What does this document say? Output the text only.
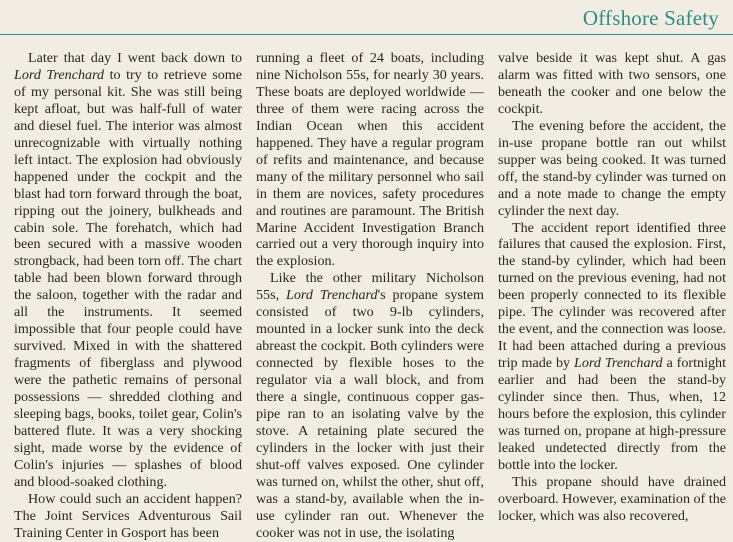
Offshore Safety

Later that day I went back down to Lord Trenchard to try to retrieve some of my personal kit. She was still being kept afloat, but was half-full of water and diesel fuel. The interior was almost unrecognizable with virtually nothing left intact. The explosion had obviously happened under the cockpit and the blast had torn forward through the boat, ripping out the joinery, bulkheads and cabin sole. The forehatch, which had been secured with a massive wooden strongback, had been torn off. The chart table had been blown forward through the saloon, together with the radar and all the instruments. It seemed impossible that four people could have survived. Mixed in with the shattered fragments of fiberglass and plywood were the pathetic remains of personal possessions — shredded clothing and sleeping bags, books, toilet gear, Colin's battered flute. It was a very shocking sight, made worse by the evidence of Colin's injuries — splashes of blood and blood-soaked clothing.

How could such an accident happen? The Joint Services Adventurous Sail Training Center in Gosport has been

running a fleet of 24 boats, including nine Nicholson 55s, for nearly 30 years. These boats are deployed worldwide — three of them were racing across the Indian Ocean when this accident happened. They have a regular program of refits and maintenance, and because many of the military personnel who sail in them are novices, safety procedures and routines are paramount. The British Marine Accident Investigation Branch carried out a very thorough inquiry into the explosion.

Like the other military Nicholson 55s, Lord Trenchard's propane system consisted of two 9-lb cylinders, mounted in a locker sunk into the deck abreast the cockpit. Both cylinders were connected by flexible hoses to the regulator via a wall block, and from there a single, continuous copper gas-pipe ran to an isolating valve by the stove. A retaining plate secured the cylinders in the locker with just their shut-off valves exposed. One cylinder was turned on, whilst the other, shut off, was a stand-by, available when the in-use cylinder ran out. Whenever the cooker was not in use, the isolating

valve beside it was kept shut. A gas alarm was fitted with two sensors, one beneath the cooker and one below the cockpit.

The evening before the accident, the in-use propane bottle ran out whilst supper was being cooked. It was turned off, the stand-by cylinder was turned on and a note made to change the empty cylinder the next day.

The accident report identified three failures that caused the explosion. First, the stand-by cylinder, which had been turned on the previous evening, had not been properly connected to its flexible pipe. The cylinder was recovered after the event, and the connection was loose. It had been attached during a previous trip made by Lord Trenchard a fortnight earlier and had been the stand-by cylinder since then. Thus, when, 12 hours before the explosion, this cylinder was turned on, propane at high-pressure leaked undetected directly from the bottle into the locker.

This propane should have drained overboard. However, examination of the locker, which was also recovered,
